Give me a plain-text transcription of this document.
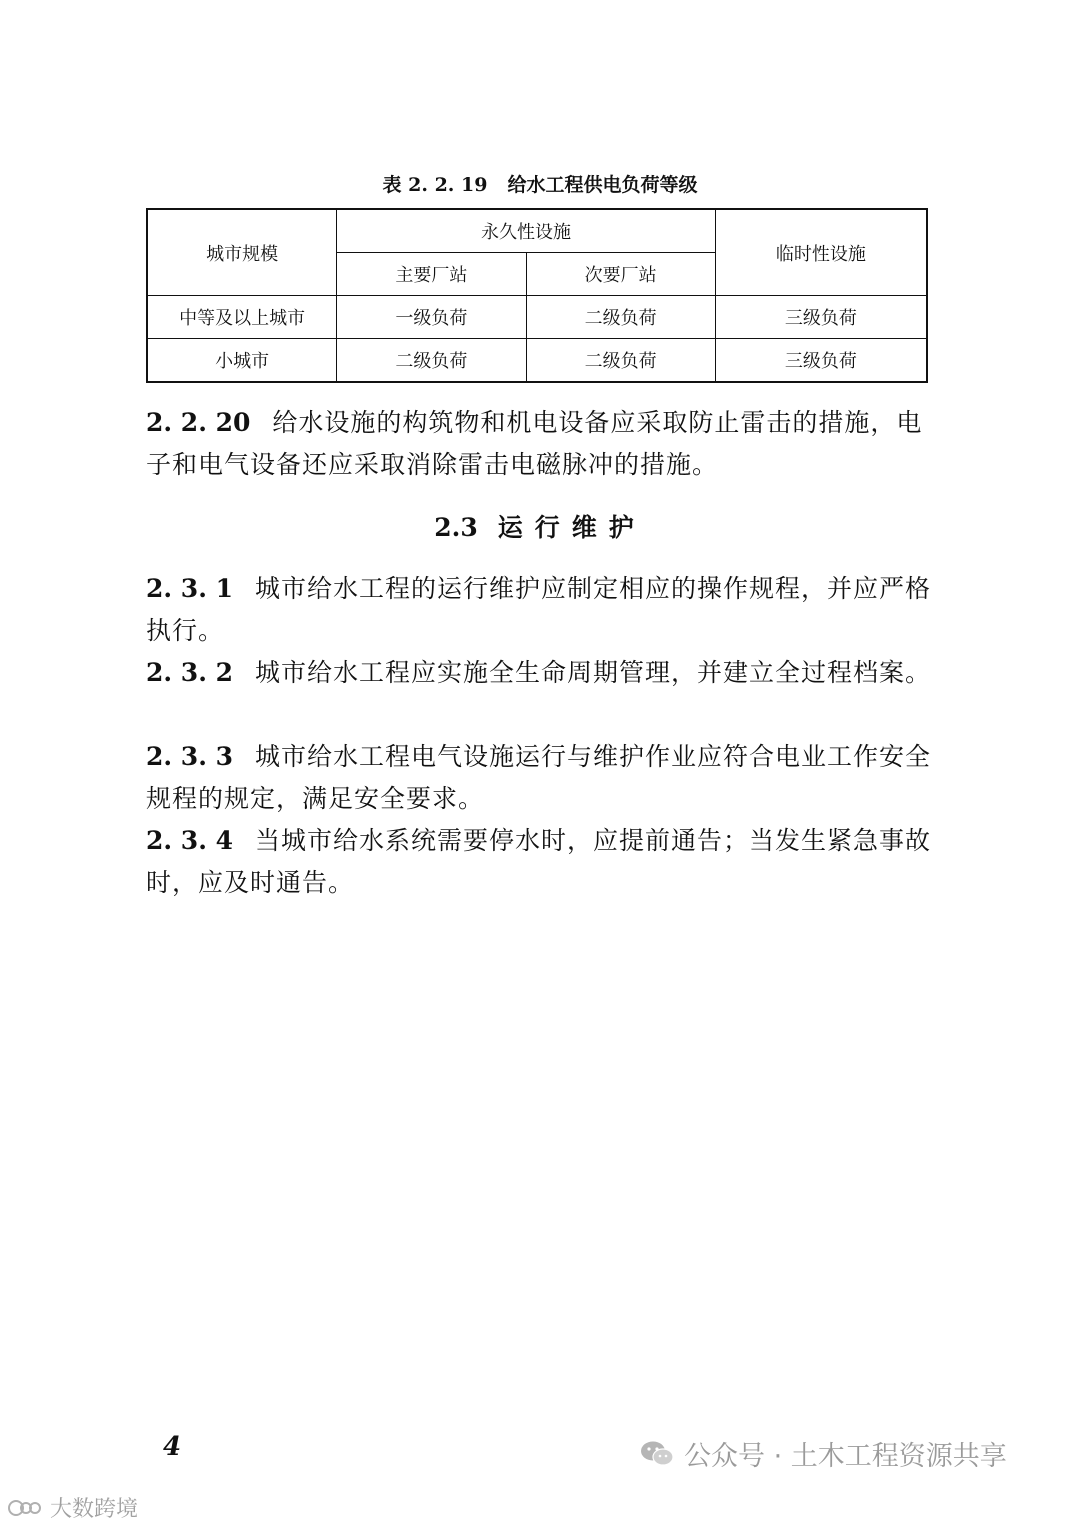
表 2. 2. 19 给水工程供电负荷等级
城市规模	永久性设施		临时性设施
	主要厂站	次要厂站	
中等及以上城市	一级负荷	二级负荷	三级负荷
小城市	二级负荷	二级负荷	三级负荷
2. 2. 20 给水设施的构筑物和机电设备应采取防止雷击的措施，电子和电气设备还应采取消除雷击电磁脉冲的措施。
2.3 运行维护
2. 3. 1 城市给水工程的运行维护应制定相应的操作规程，并应严格执行。
2. 3. 2 城市给水工程应实施全生命周期管理，并建立全过程档案。
2. 3. 3 城市给水工程电气设施运行与维护作业应符合电业工作安全规程的规定，满足安全要求。
2. 3. 4 当城市给水系统需要停水时，应提前通告；当发生紧急事故时，应及时通告。
4	公众号 · 土木工程资源共享
大数跨境
